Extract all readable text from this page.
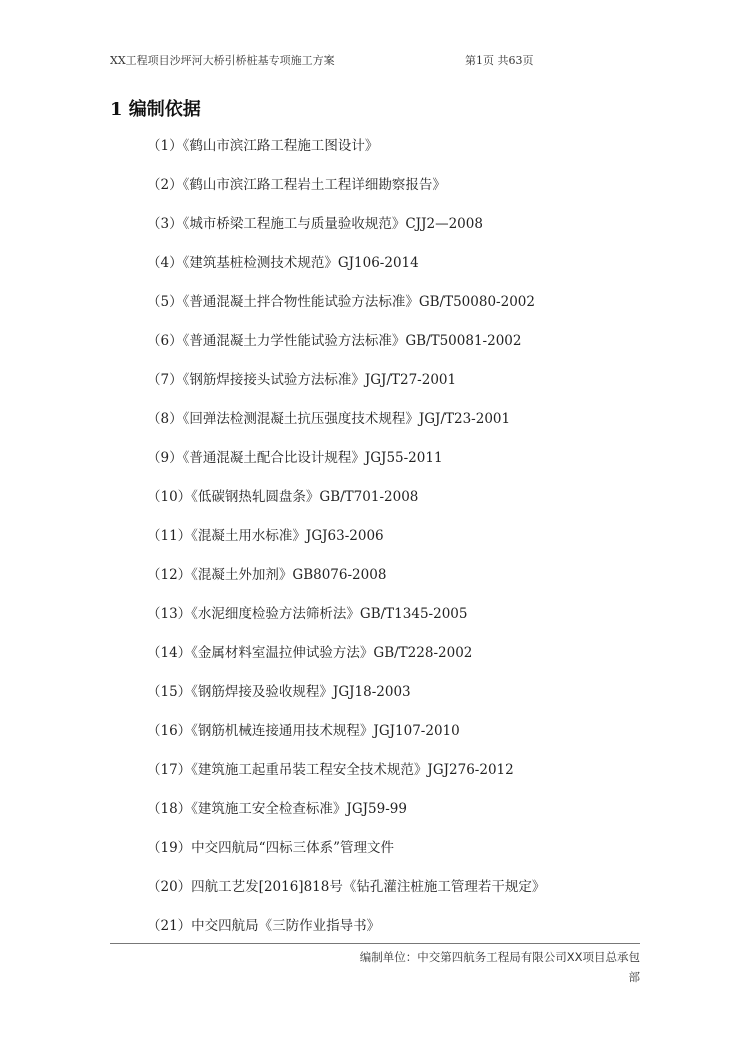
XX工程项目沙坪河大桥引桥桩基专项施工方案	第1页 共63页
1 编制依据
（1）《鹤山市滨江路工程施工图设计》
（2）《鹤山市滨江路工程岩土工程详细勘察报告》
（3）《城市桥梁工程施工与质量验收规范》CJJ2—2008
（4）《建筑基桩检测技术规范》GJ106-2014
（5）《普通混凝土拌合物性能试验方法标准》GB/T50080-2002
（6）《普通混凝土力学性能试验方法标准》GB/T50081-2002
（7）《钢筋焊接接头试验方法标准》JGJ/T27-2001
（8）《回弹法检测混凝土抗压强度技术规程》JGJ/T23-2001
（9）《普通混凝土配合比设计规程》JGJ55-2011
（10）《低碳钢热轧圆盘条》GB/T701-2008
（11）《混凝土用水标准》JGJ63-2006
（12）《混凝土外加剂》GB8076-2008
（13）《水泥细度检验方法筛析法》GB/T1345-2005
（14）《金属材料室温拉伸试验方法》GB/T228-2002
（15）《钢筋焊接及验收规程》JGJ18-2003
（16）《钢筋机械连接通用技术规程》JGJ107-2010
（17）《建筑施工起重吊装工程安全技术规范》JGJ276-2012
（18）《建筑施工安全检查标准》JGJ59-99
（19）中交四航局“四标三体系”管理文件
（20）四航工艺发[2016]818号《钻孔灌注桩施工管理若干规定》
（21）中交四航局《三防作业指导书》
编制单位：中交第四航务工程局有限公司XX项目总承包
部
